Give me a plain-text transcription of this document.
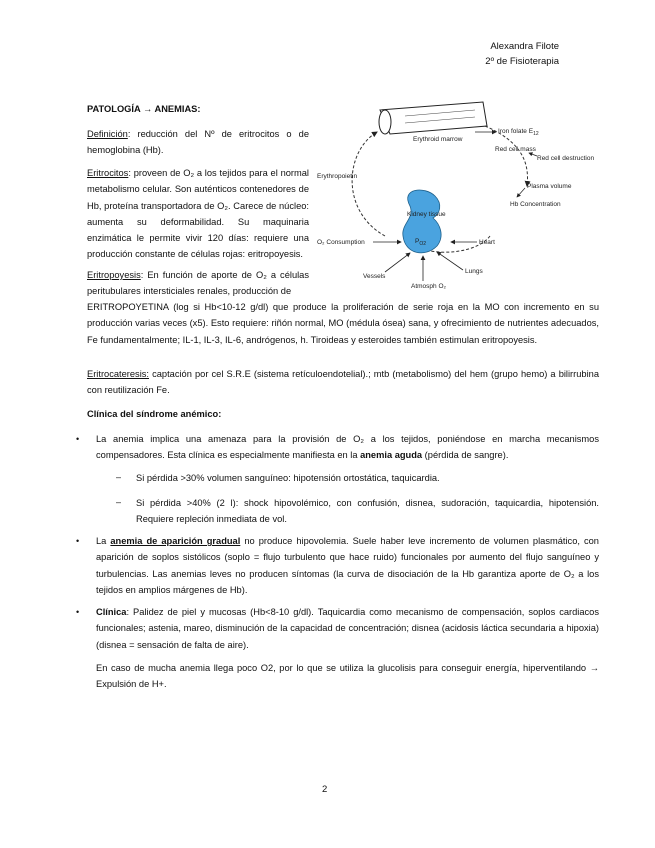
Alexandra Filote
2º de Fisioterapia
PATOLOGÍA → ANEMIAS:
Definición: reducción del Nº de eritrocitos o de hemoglobina (Hb).
Eritrocitos: proveen de O₂ a los tejidos para el normal metabolismo celular. Son auténticos contenedores de Hb, proteína transportadora de O₂. Carece de núcleo: aumenta su deformabilidad. Su maquinaria enzimática le permite vivir 120 días: requiere una producción constante de células rojas: eritropoyesis.
Eritropoyesis: En función de aporte de O₂ a células peritubulares intersticiales renales, producción de
ERITROPOYETINA (log si Hb<10-12 g/dl) que produce la proliferación de serie roja en la MO con incremento en su producción varias veces (x5). Esto requiere: riñón normal, MO (médula ósea) sana, y ofrecimiento de nutrientes adecuados, Fe fundamentalmente; IL-1, IL-3, IL-6, andrógenos, h. Tiroideas y esteroides también estimulan eritropoyesis.
Eritrocateresis: captación por cel S.R.E (sistema retículoendotelial).; mtb (metabolismo) del hem (grupo hemo) a bilirrubina con reutilización Fe.
Clínica del síndrome anémico:
• La anemia implica una amenaza para la provisión de O₂ a los tejidos, poniéndose en marcha mecanismos compensadores. Esta clínica es especialmente manifiesta en la anemia aguda (pérdida de sangre).
– Si pérdida >30% volumen sanguíneo: hipotensión ortostática, taquicardia.
– Si pérdida >40% (2 l): shock hipovolémico, con confusión, disnea, sudoración, taquicardia, hipotensión. Requiere repleción inmediata de vol.
• La anemia de aparición gradual no produce hipovolemia. Suele haber leve incremento de volumen plasmático, con aparición de soplos sistólicos (soplo = flujo turbulento que hace ruido) funcionales por aumento del flujo sanguíneo y turbulencias. Las anemias leves no producen síntomas (la curva de disociación de la Hb garantiza aporte de O₂ a los tejidos en amplios márgenes de Hb).
• Clínica: Palidez de piel y mucosas (Hb<8-10 g/dl). Taquicardia como mecanismo de compensación, soplos cardiacos funcionales; astenia, mareo, disminución de la capacidad de concentración; disnea (acidosis láctica secundaria a hipoxia) (disnea = sensación de falta de aire).
En caso de mucha anemia llega poco O2, por lo que se utiliza la glucolisis para conseguir energía, hiperventilando → Expulsión de H+.
2
Erythroid marrow
Iron folate $E_{12}$
Red cell mass
Red cell destruction
Plasma volume
Hb Concentration
Erythropoietin
Kidney tissue
$P_{O2}$
O₂ Consumption	Heart
Lungs
Vessels
Atmosph O₂
